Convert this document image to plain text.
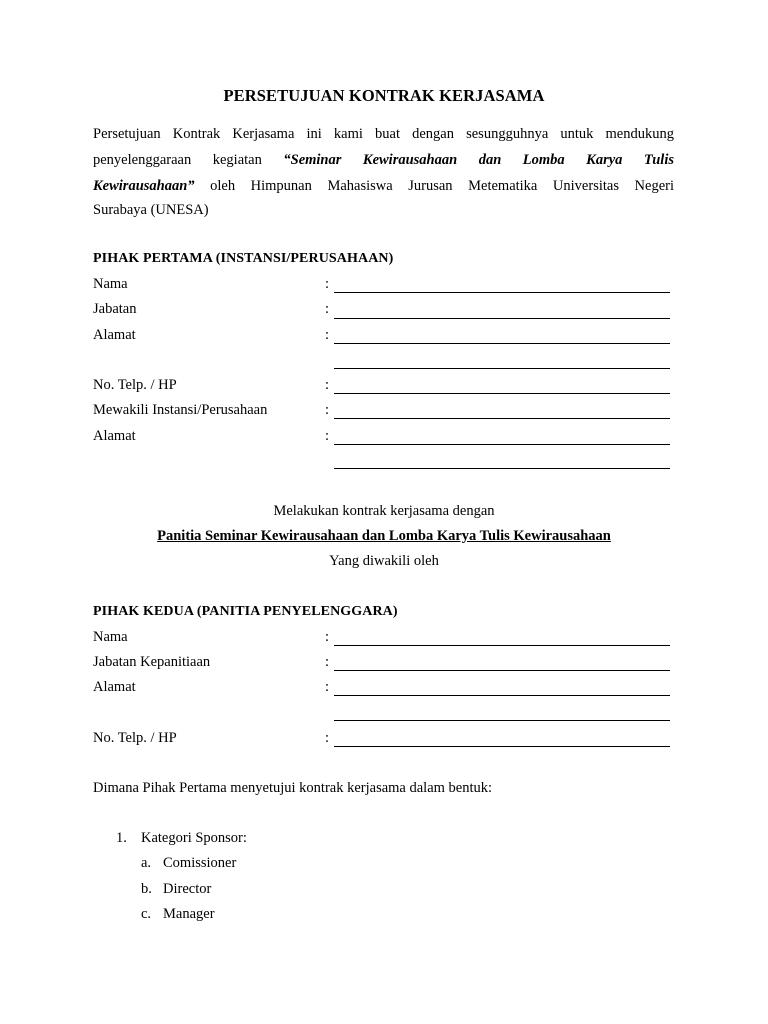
PERSETUJUAN KONTRAK KERJASAMA
Persetujuan Kontrak Kerjasama ini kami buat dengan sesungguhnya untuk mendukung
penyelenggaraan kegiatan “Seminar Kewirausahaan dan Lomba Karya Tulis
Kewirausahaan” oleh Himpunan Mahasiswa Jurusan Metematika Universitas Negeri
Surabaya (UNESA)
PIHAK PERTAMA (INSTANSI/PERUSAHAAN)
Nama	:
Jabatan	:
Alamat	:
No. Telp. / HP	:
Mewakili Instansi/Perusahaan	:
Alamat	:
Melakukan kontrak kerjasama dengan
Panitia Seminar Kewirausahaan dan Lomba Karya Tulis Kewirausahaan
Yang diwakili oleh
PIHAK KEDUA (PANITIA PENYELENGGARA)
Nama	:
Jabatan Kepanitiaan	:
Alamat	:
No. Telp. / HP	:
Dimana Pihak Pertama menyetujui kontrak kerjasama dalam bentuk:
1. Kategori Sponsor:
a. Comissioner
b. Director
c. Manager
